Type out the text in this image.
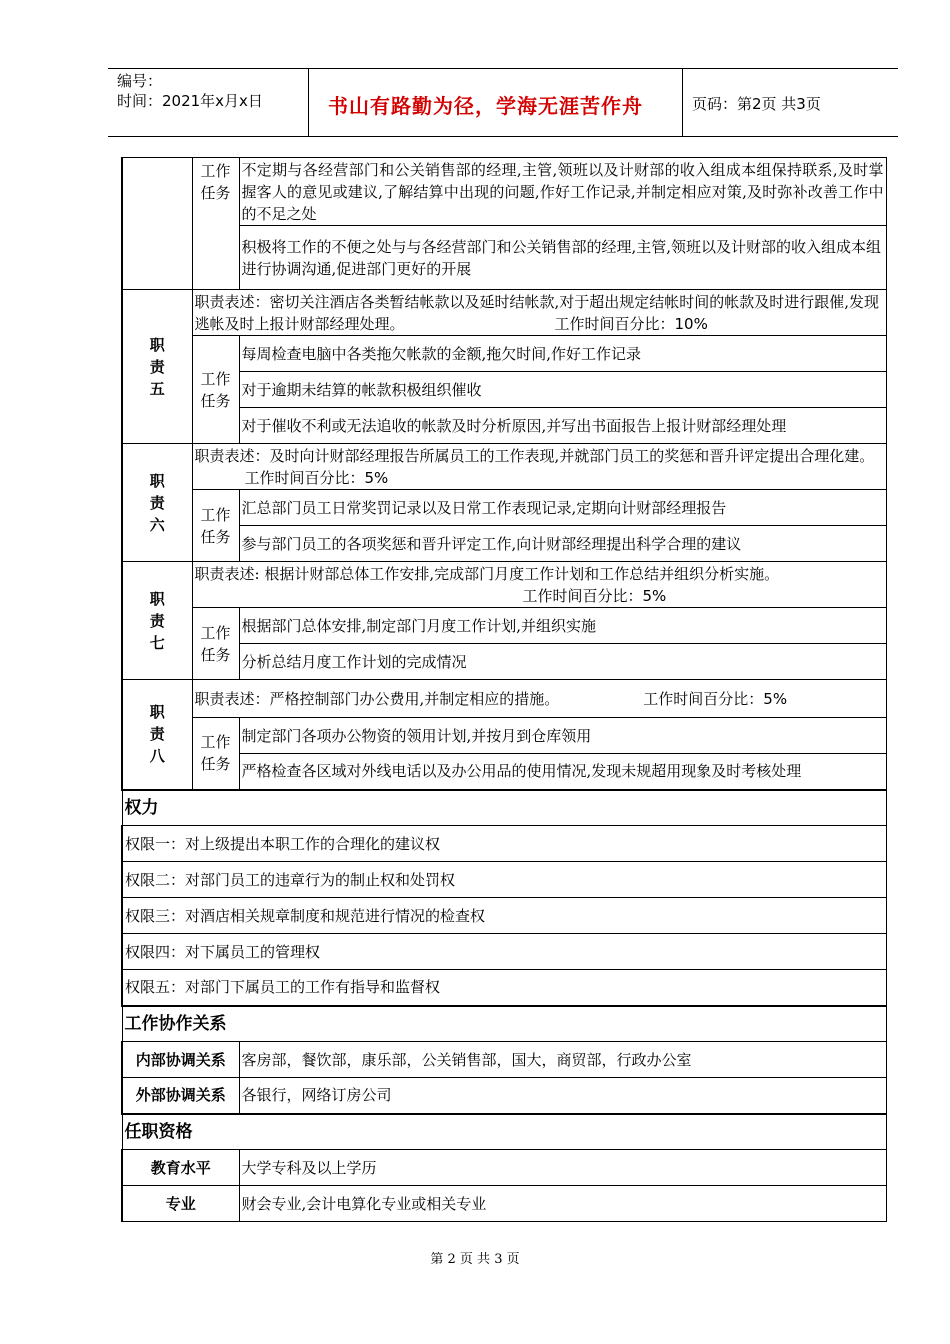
编号：
时间：2021年x月x日	书山有路勤为径，学海无涯苦作舟	页码：第2页 共3页
	工作任务	不定期与各经营部门和公关销售部的经理,主管,领班以及计财部的收入组成本组保持联系,及时掌握客人的意见或建议,了解结算中出现的问题,作好工作记录,并制定相应对策,及时弥补改善工作中的不足之处
		积极将工作的不便之处与与各经营部门和公关销售部的经理,主管,领班以及计财部的收入组成本组进行协调沟通,促进部门更好的开展
职责五	职责表述：密切关注酒店各类暂结帐款以及延时结帐款,对于超出规定结帐时间的帐款及时进行跟催,发现逃帐及时上报计财部经理处理。 工作时间百分比：10%	
	工作任务	每周检查电脑中各类拖欠帐款的金额,拖欠时间,作好工作记录
		对于逾期未结算的帐款积极组织催收
		对于催收不利或无法追收的帐款及时分析原因,并写出书面报告上报计财部经理处理
职责六	职责表述：及时向计财部经理报告所属员工的工作表现,并就部门员工的奖惩和晋升评定提出合理化建。工作时间百分比：5%	
	工作任务	汇总部门员工日常奖罚记录以及日常工作表现记录,定期向计财部经理报告
		参与部门员工的各项奖惩和晋升评定工作,向计财部经理提出科学合理的建议
职责七	职责表述: 根据计财部总体工作安排,完成部门月度工作计划和工作总结并组织分析实施。工作时间百分比：5%	
	工作任务	根据部门总体安排,制定部门月度工作计划,并组织实施
		分析总结月度工作计划的完成情况
职责八	职责表述：严格控制部门办公费用,并制定相应的措施。 工作时间百分比：5%	
	工作任务	制定部门各项办公物资的领用计划,并按月到仓库领用
		严格检查各区域对外线电话以及办公用品的使用情况,发现未规超用现象及时考核处理
权力		
权限一：对上级提出本职工作的合理化的建议权		
权限二：对部门员工的违章行为的制止权和处罚权		
权限三：对酒店相关规章制度和规范进行情况的检查权		
权限四：对下属员工的管理权		
权限五：对部门下属员工的工作有指导和监督权		
工作协作关系		
内部协调关系		客房部，餐饮部，康乐部，公关销售部，国大，商贸部，行政办公室
外部协调关系		各银行，网络订房公司
任职资格		
教育水平		大学专科及以上学历
专业		财会专业,会计电算化专业或相关专业
第 2 页 共 3 页
